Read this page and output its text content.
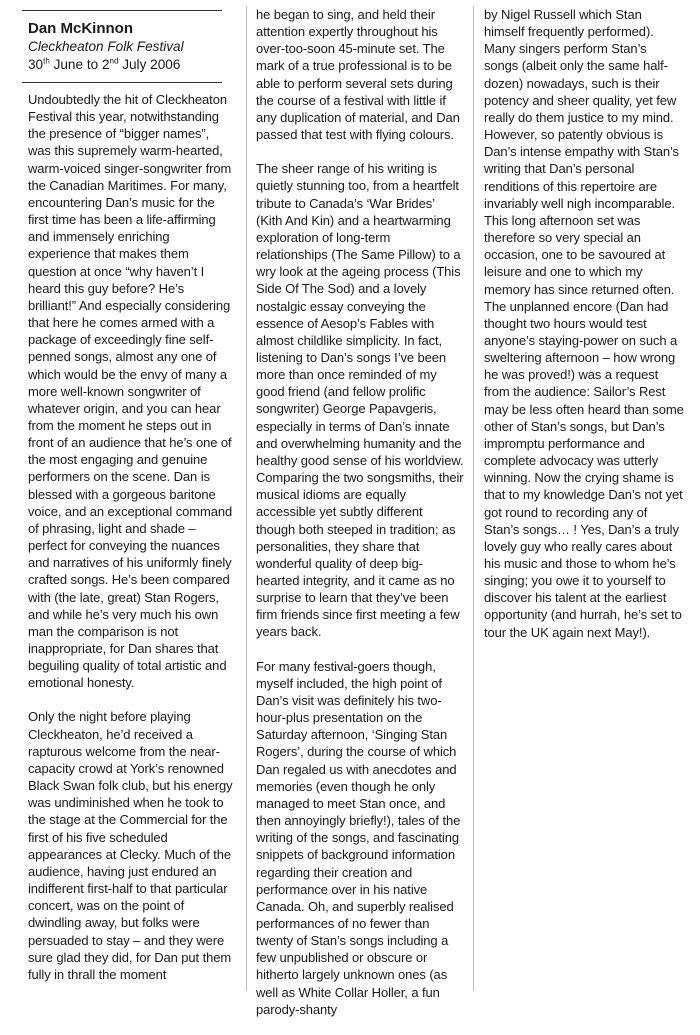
Dan McKinnon
Cleckheaton Folk Festival
30th June to 2nd July 2006

Undoubtedly the hit of Cleckheaton Festival this year, notwithstanding the presence of “bigger names”, was this supremely warm-hearted, warm-voiced singer-songwriter from the Canadian Maritimes. For many, encountering Dan’s music for the first time has been a life-affirming and immensely enriching experience that makes them question at once “why haven’t I heard this guy before? He’s brilliant!” And especially considering that here he comes armed with a package of exceedingly fine self-penned songs, almost any one of which would be the envy of many a more well-known songwriter of whatever origin, and you can hear from the moment he steps out in front of an audience that he’s one of the most engaging and genuine performers on the scene. Dan is blessed with a gorgeous baritone voice, and an exceptional command of phrasing, light and shade – perfect for conveying the nuances and narratives of his uniformly finely crafted songs. He’s been compared with (the late, great) Stan Rogers, and while he’s very much his own man the comparison is not inappropriate, for Dan shares that beguiling quality of total artistic and emotional honesty.

Only the night before playing Cleckheaton, he’d received a rapturous welcome from the near-capacity crowd at York’s renowned Black Swan folk club, but his energy was undiminished when he took to the stage at the Commercial for the first of his five scheduled appearances at Clecky. Much of the audience, having just endured an indifferent first-half to that particular concert, was on the point of dwindling away, but folks were persuaded to stay – and they were sure glad they did, for Dan put them fully in thrall the moment

he began to sing, and held their attention expertly throughout his over-too-soon 45-minute set. The mark of a true professional is to be able to perform several sets during the course of a festival with little if any duplication of material, and Dan passed that test with flying colours.

The sheer range of his writing is quietly stunning too, from a heartfelt tribute to Canada’s ‘War Brides’ (Kith And Kin) and a heartwarming exploration of long-term relationships (The Same Pillow) to a wry look at the ageing process (This Side Of The Sod) and a lovely nostalgic essay conveying the essence of Aesop’s Fables with almost childlike simplicity. In fact, listening to Dan’s songs I’ve been more than once reminded of my good friend (and fellow prolific songwriter) George Papavgeris, especially in terms of Dan’s innate and overwhelming humanity and the healthy good sense of his worldview. Comparing the two songsmiths, their musical idioms are equally accessible yet subtly different though both steeped in tradition; as personalities, they share that wonderful quality of deep big-hearted integrity, and it came as no surprise to learn that they’ve been firm friends since first meeting a few years back.

For many festival-goers though, myself included, the high point of Dan’s visit was definitely his two-hour-plus presentation on the Saturday afternoon, ‘Singing Stan Rogers’, during the course of which Dan regaled us with anecdotes and memories (even though he only managed to meet Stan once, and then annoyingly briefly!), tales of the writing of the songs, and fascinating snippets of background information regarding their creation and performance over in his native Canada. Oh, and superbly realised performances of no fewer than twenty of Stan’s songs including a few unpublished or obscure or hitherto largely unknown ones (as well as White Collar Holler, a fun parody-shanty

by Nigel Russell which Stan himself frequently performed). Many singers perform Stan’s songs (albeit only the same half-dozen) nowadays, such is their potency and sheer quality, yet few really do them justice to my mind. However, so patently obvious is Dan’s intense empathy with Stan’s writing that Dan’s personal renditions of this repertoire are invariably well nigh incomparable. This long afternoon set was therefore so very special an occasion, one to be savoured at leisure and one to which my memory has since returned often. The unplanned encore (Dan had thought two hours would test anyone’s staying-power on such a sweltering afternoon – how wrong he was proved!) was a request from the audience: Sailor’s Rest may be less often heard than some other of Stan’s songs, but Dan’s impromptu performance and complete advocacy was utterly winning. Now the crying shame is that to my knowledge Dan’s not yet got round to recording any of Stan’s songs… ! Yes, Dan’s a truly lovely guy who really cares about his music and those to whom he’s singing; you owe it to yourself to discover his talent at the earliest opportunity (and hurrah, he’s set to tour the UK again next May!).
